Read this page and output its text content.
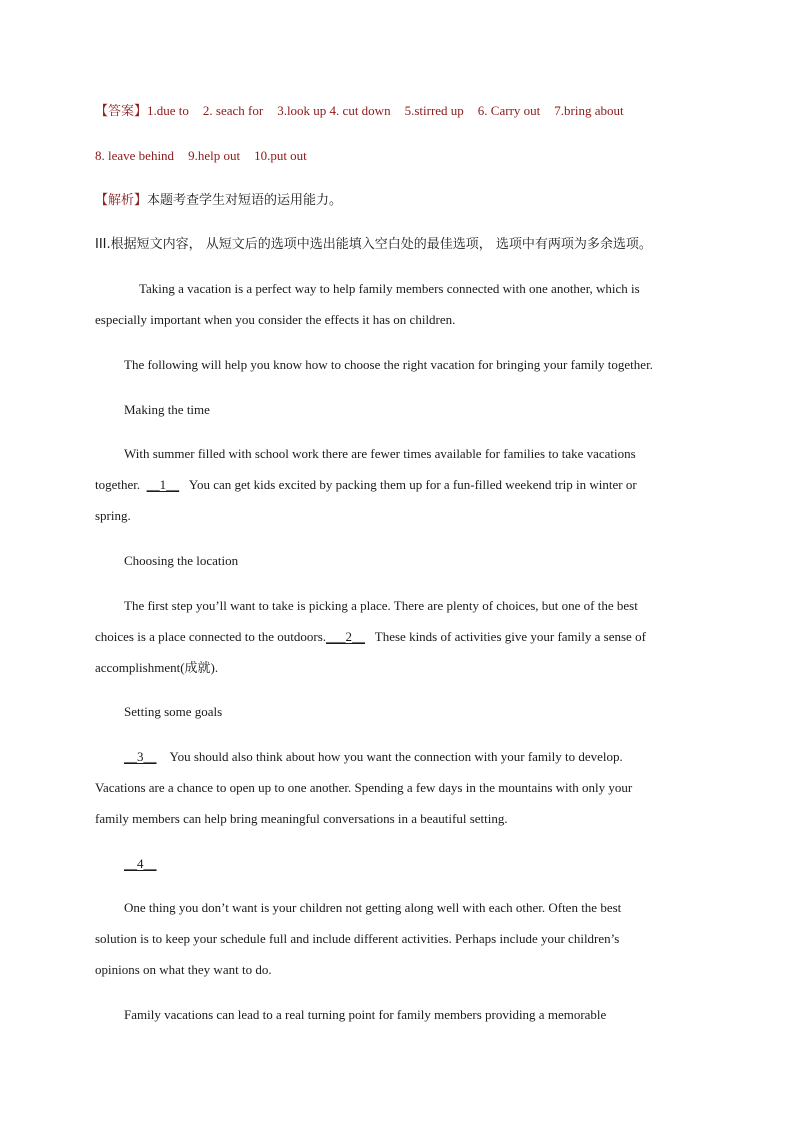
【答案】1.due to 2. seach for 3.look up 4. cut down 5.stirred up 6. Carry out 7.bring about
8. leave behind 9.help out 10.put out
【解析】本题考查学生对短语的运用能力。
III.根据短文内容， 从短文后的选项中选出能填入空白处的最佳选项， 选项中有两项为多余选项。
Taking a vacation is a perfect way to help family members connected with one another, which is
especially important when you consider the effects it has on children.
The following will help you know how to choose the right vacation for bringing your family together.
Making the time
With summer filled with school work there are fewer times available for families to take vacations
together. __1__ You can get kids excited by packing them up for a fun-filled weekend trip in winter or
spring.
Choosing the location
The first step you’ll want to take is picking a place. There are plenty of choices, but one of the best
choices is a place connected to the outdoors.___2__ These kinds of activities give your family a sense of
accomplishment(成就).
Setting some goals
__3__ You should also think about how you want the connection with your family to develop.
Vacations are a chance to open up to one another. Spending a few days in the mountains with only your
family members can help bring meaningful conversations in a beautiful setting.
__4__
One thing you don’t want is your children not getting along well with each other. Often the best
solution is to keep your schedule full and include different activities. Perhaps include your children’s
opinions on what they want to do.
Family vacations can lead to a real turning point for family members providing a memorable
